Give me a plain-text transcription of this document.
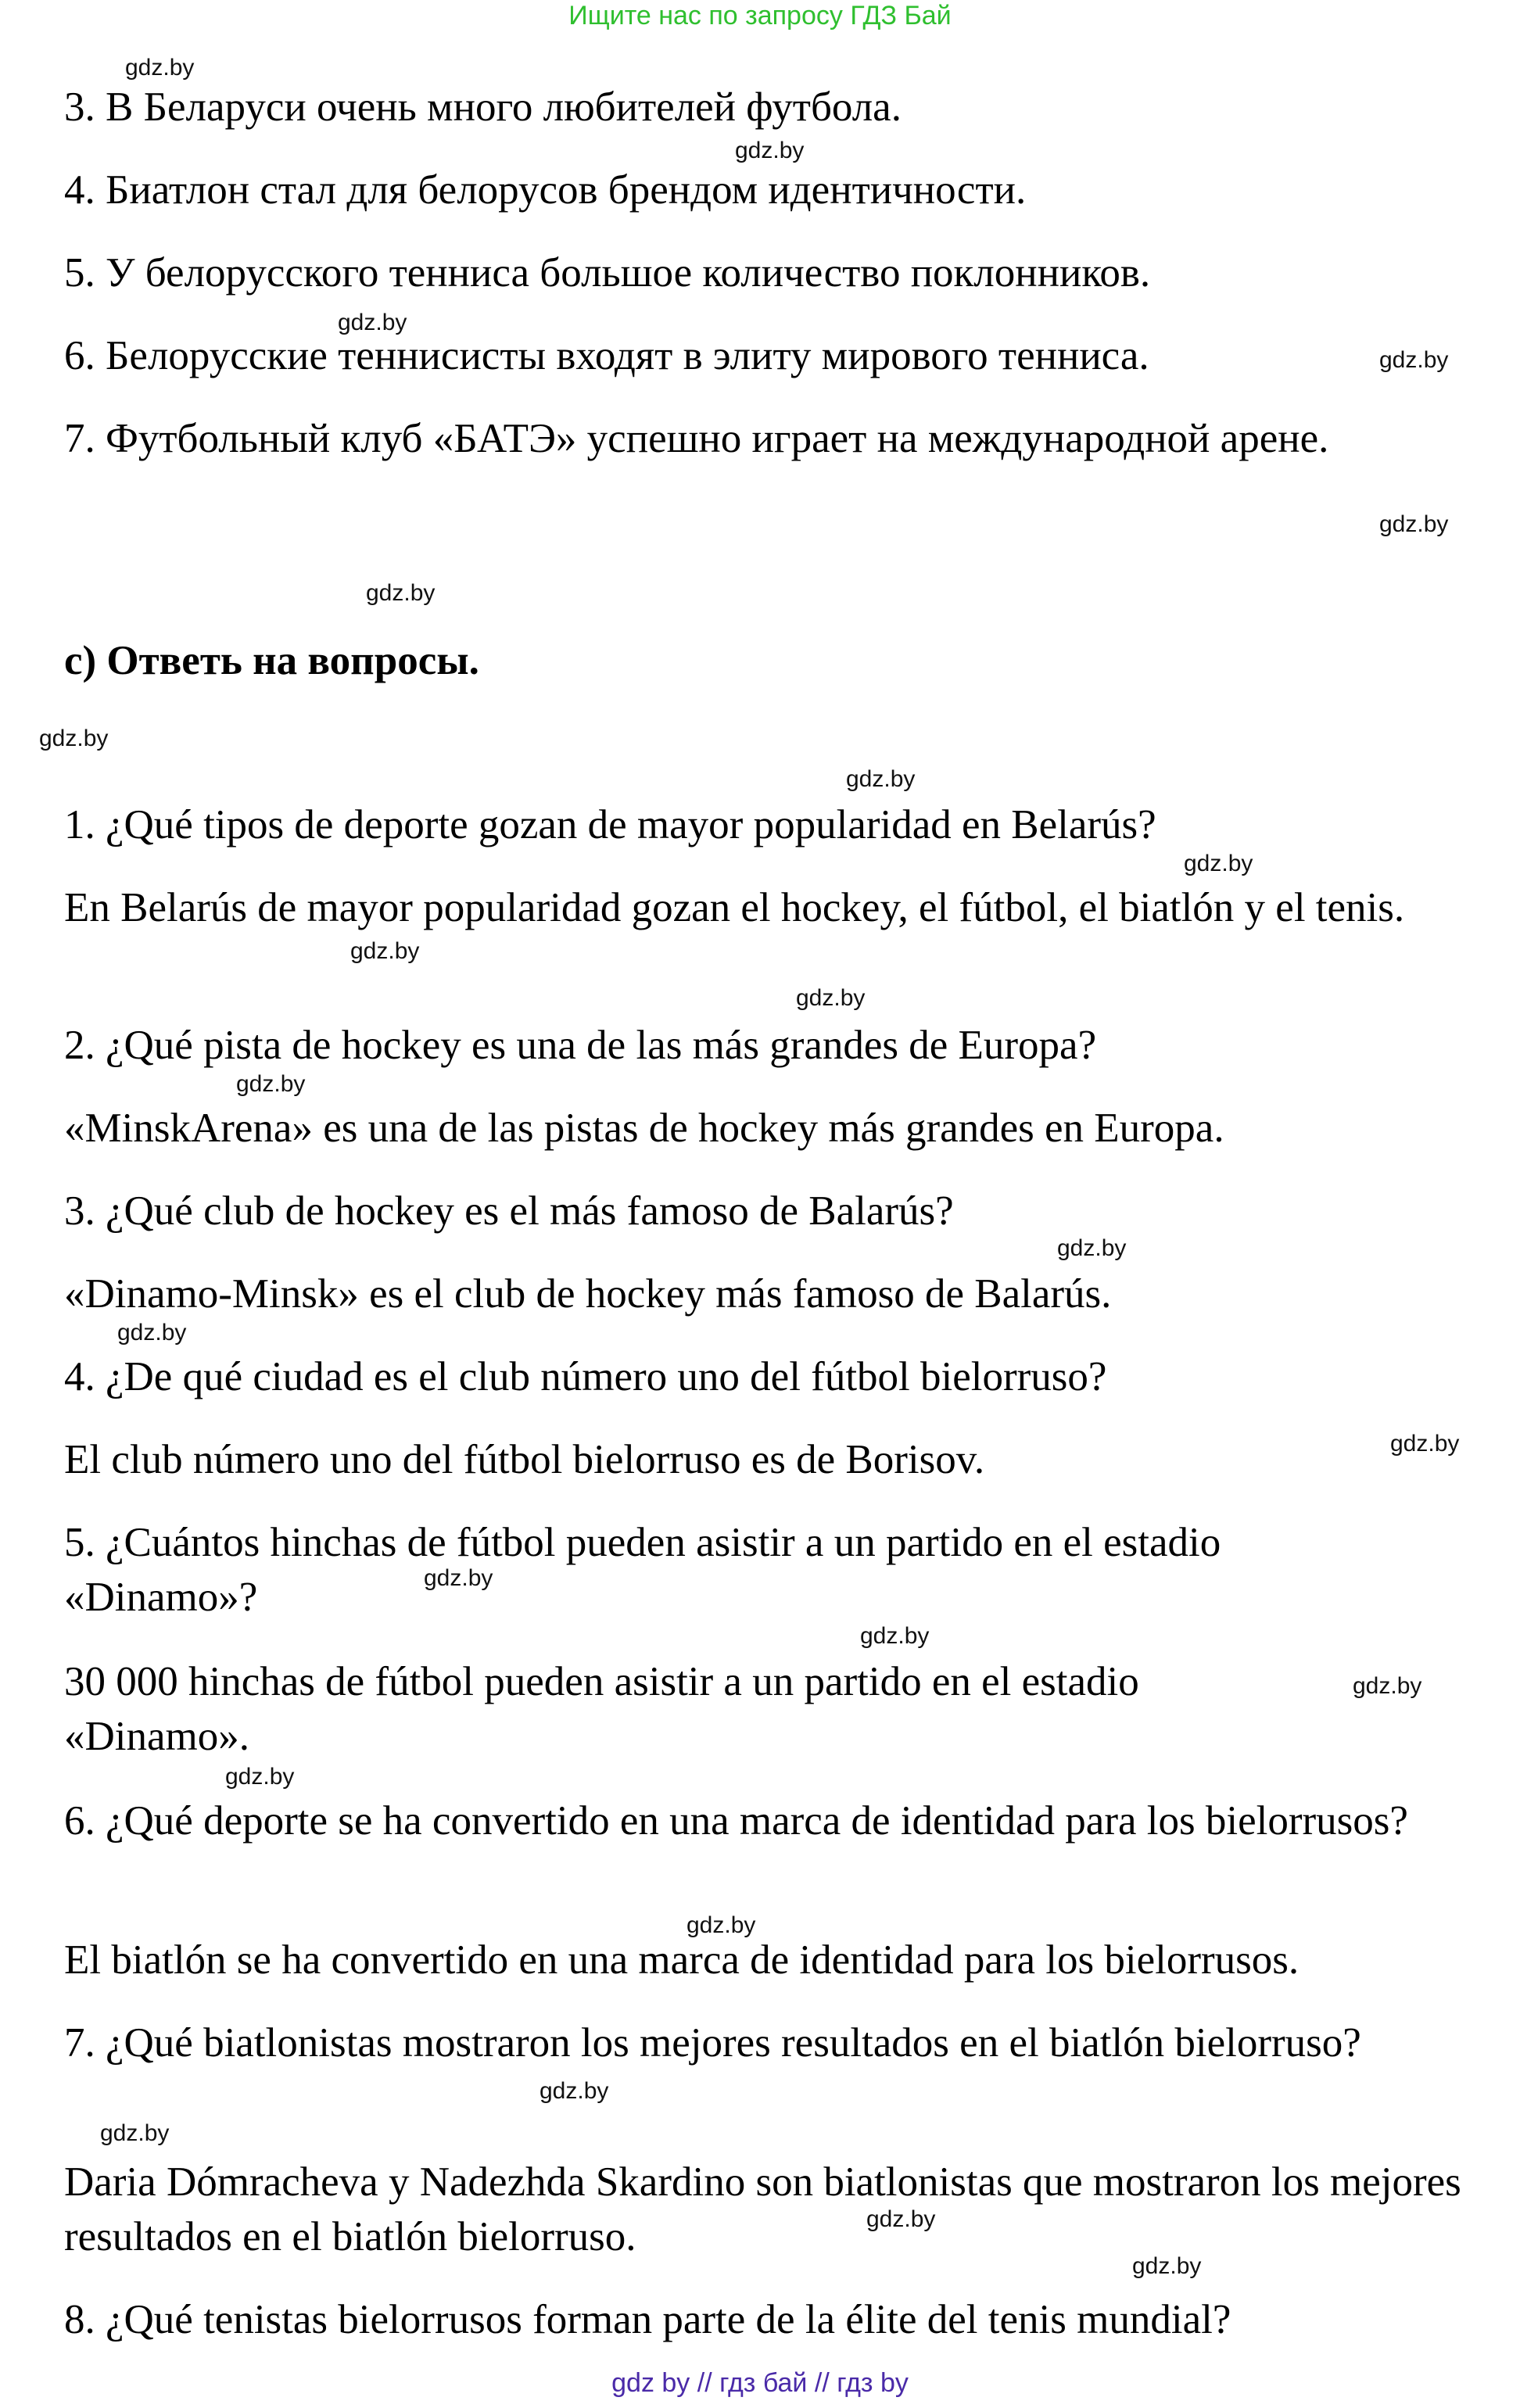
Ищите нас по запросу ГДЗ Бай
3. В Беларуси очень много любителей футбола.
4. Биатлон стал для белорусов брендом идентичности.
5. У белорусского тенниса большое количество поклонников.
6. Белорусские теннисисты входят в элиту мирового тенниса.
7. Футбольный клуб «БАТЭ» успешно играет на международной арене.
с) Ответь на вопросы.
1. ¿Qué tipos de deporte gozan de mayor popularidad en Belarús?
En Belarús de mayor popularidad gozan el hockey, el fútbol, el biatlón y el tenis.
2. ¿Qué pista de hockey es una de las más grandes de Europa?
«MinskArena» es una de las pistas de hockey más grandes en Europa.
3. ¿Qué club de hockey es el más famoso de Balarús?
«Dinamo-Minsk» es el club de hockey más famoso de Balarús.
4. ¿De qué ciudad es el club número uno del fútbol bielorruso?
El club número uno del fútbol bielorruso es de Borisov.
5. ¿Cuántos hinchas de fútbol pueden asistir a un partido en el estadio «Dinamo»?
30 000 hinchas de fútbol pueden asistir a un partido en el estadio «Dinamo».
6. ¿Qué deporte se ha convertido en una marca de identidad para los bielorrusos?
El biatlón se ha convertido en una marca de identidad para los bielorrusos.
7. ¿Qué biatlonistas mostraron los mejores resultados en el biatlón bielorruso?
Daria Dómracheva y Nadezhda Skardino son biatlonistas que mostraron los mejores resultados en el biatlón bielorruso.
8. ¿Qué tenistas bielorrusos forman parte de la élite del tenis mundial?
gdz.by
gdz.by
gdz.by
gdz.by
gdz.by
gdz.by
gdz.by
gdz.by
gdz.by
gdz.by
gdz.by
gdz.by
gdz.by
gdz.by
gdz.by
gdz.by
gdz.by
gdz.by
gdz.by
gdz.by
gdz.by
gdz.by
gdz.by
gdz.by
gdz by // гдз бай // гдз by
